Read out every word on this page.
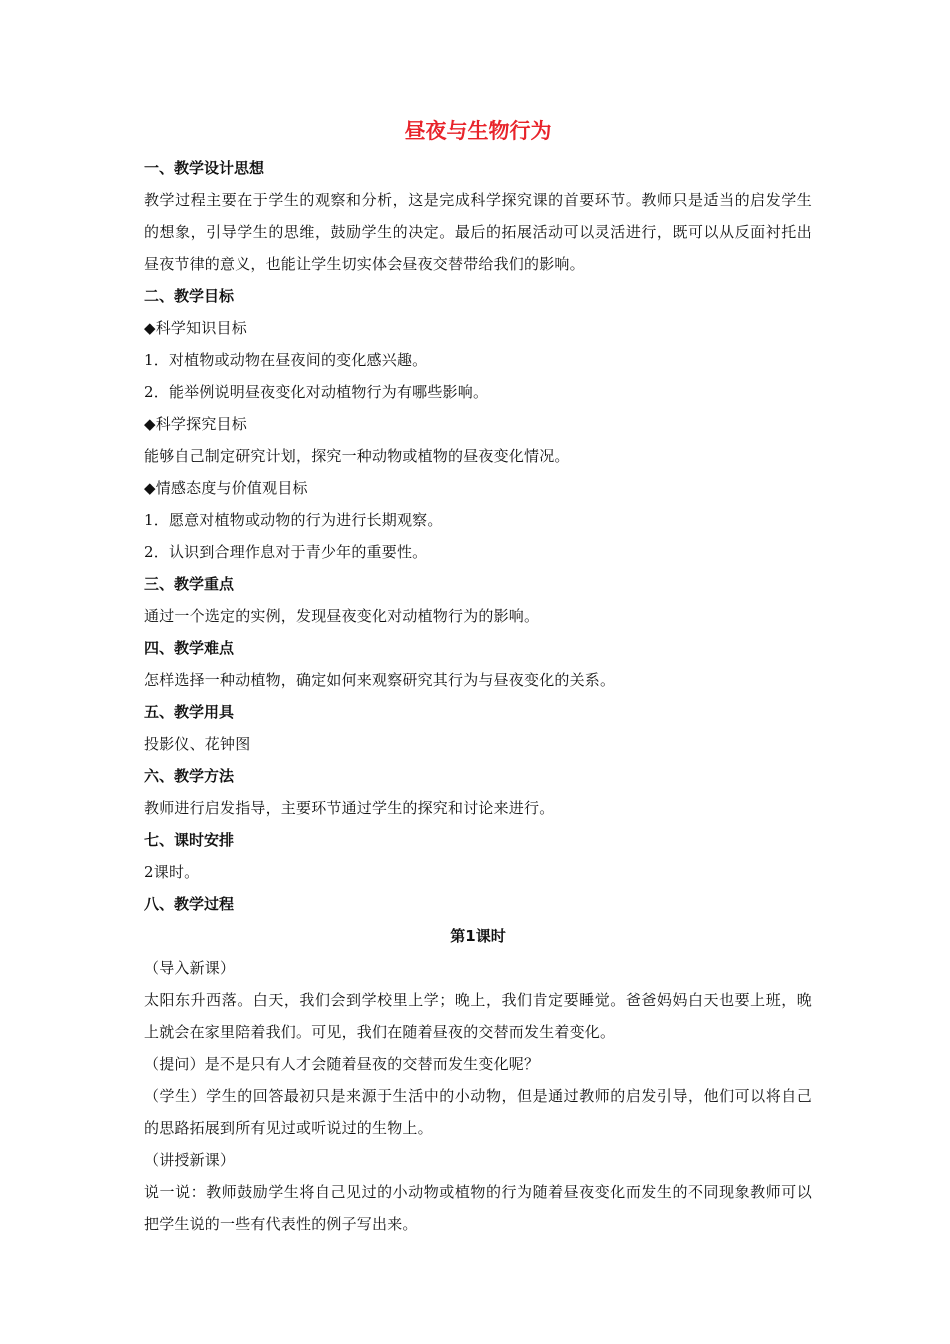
昼夜与生物行为
一、教学设计思想
教学过程主要在于学生的观察和分析，这是完成科学探究课的首要环节。教师只是适当的启发学生的想象，引导学生的思维，鼓励学生的决定。最后的拓展活动可以灵活进行，既可以从反面衬托出昼夜节律的意义，也能让学生切实体会昼夜交替带给我们的影响。
二、教学目标
◆科学知识目标
1．对植物或动物在昼夜间的变化感兴趣。
2．能举例说明昼夜变化对动植物行为有哪些影响。
◆科学探究目标
能够自己制定研究计划，探究一种动物或植物的昼夜变化情况。
◆情感态度与价值观目标
1．愿意对植物或动物的行为进行长期观察。
2．认识到合理作息对于青少年的重要性。
三、教学重点
通过一个选定的实例，发现昼夜变化对动植物行为的影响。
四、教学难点
怎样选择一种动植物，确定如何来观察研究其行为与昼夜变化的关系。
五、教学用具
投影仪、花钟图
六、教学方法
教师进行启发指导，主要环节通过学生的探究和讨论来进行。
七、课时安排
2课时。
八、教学过程
第1课时
（导入新课）
太阳东升西落。白天，我们会到学校里上学；晚上，我们肯定要睡觉。爸爸妈妈白天也要上班，晚上就会在家里陪着我们。可见，我们在随着昼夜的交替而发生着变化。
（提问）是不是只有人才会随着昼夜的交替而发生变化呢？
（学生）学生的回答最初只是来源于生活中的小动物，但是通过教师的启发引导，他们可以将自己的思路拓展到所有见过或听说过的生物上。
（讲授新课）
说一说：教师鼓励学生将自己见过的小动物或植物的行为随着昼夜变化而发生的不同现象教师可以把学生说的一些有代表性的例子写出来。
